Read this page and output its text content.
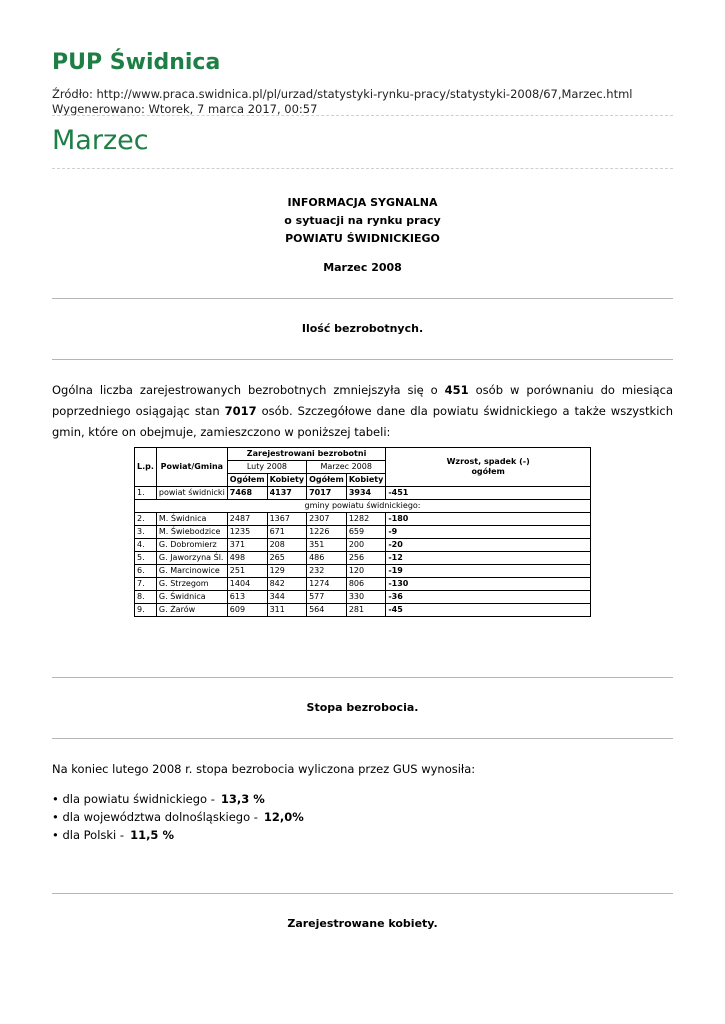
PUP Świdnica
Źródło: http://www.praca.swidnica.pl/pl/urzad/statystyki-rynku-pracy/statystyki-2008/67,Marzec.html
Wygenerowano: Wtorek, 7 marca 2017, 00:57
Marzec
INFORMACJA SYGNALNA
o sytuacji na rynku pracy
POWIATU ŚWIDNICKIEGO
Marzec 2008
Ilość bezrobotnych.
Ogólna liczba zarejestrowanych bezrobotnych zmniejszyła się o 451 osób w porównaniu do miesiąca poprzedniego osiągając stan 7017 osób. Szczegółowe dane dla powiatu świdnickiego a także wszystkich gmin, które on obejmuje, zamieszczono w poniższej tabeli:
L.p.	Powiat/Gmina	Zarejestrowani bezrobotni				Wzrost, spadek (-)
ogółem

		Luty 2008		Marzec 2008		
		Ogółem	Kobiety	Ogółem	Kobiety	
1.	powiat świdnicki	7468	4137	7017	3934	-451
gminy powiatu świdnickiego:						
2.	M. Świdnica	2487	1367	2307	1282	-180
3.	M. Świebodzice	1235	671	1226	659	-9
4.	G. Dobromierz	371	208	351	200	-20
5.	G. Jaworzyna Śl.	498	265	486	256	-12
6.	G. Marcinowice	251	129	232	120	-19
7.	G. Strzegom	1404	842	1274	806	-130
8.	G. Świdnica	613	344	577	330	-36
9.	G. Żarów	609	311	564	281	-45
Stopa bezrobocia.
Na koniec lutego 2008 r. stopa bezrobocia wyliczona przez GUS wynosiła:
• dla powiatu świdnickiego - 13,3 %
• dla województwa dolnośląskiego - 12,0%
• dla Polski - 11,5 %
Zarejestrowane kobiety.
